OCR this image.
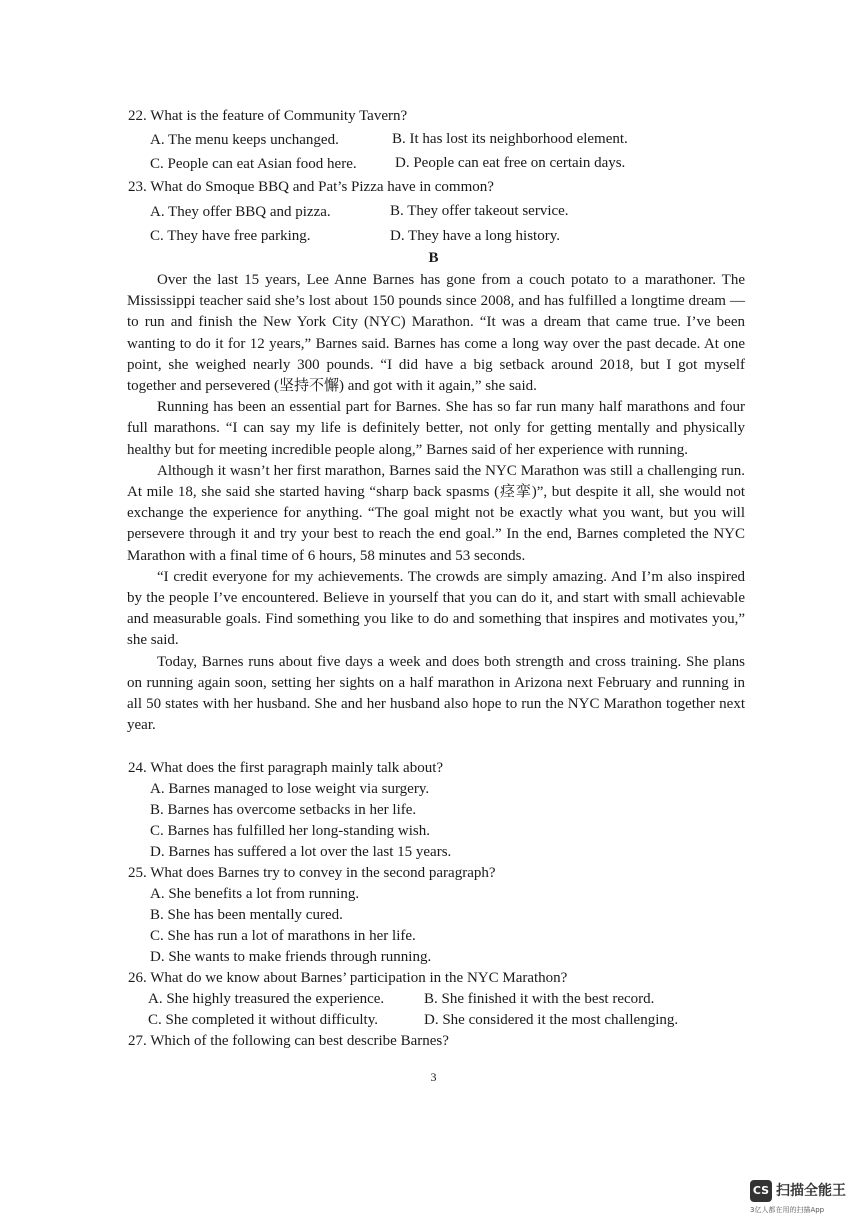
22. What is the feature of Community Tavern?
A. The menu keeps unchanged.	B. It has lost its neighborhood element.
C. People can eat Asian food here.	D. People can eat free on certain days.
23. What do Smoque BBQ and Pat’s Pizza have in common?
A. They offer BBQ and pizza.	B. They offer takeout service.
C. They have free parking.	D. They have a long history.
B

Over the last 15 years, Lee Anne Barnes has gone from a couch potato to a marathoner. The Mississippi teacher said she’s lost about 150 pounds since 2008, and has fulfilled a longtime dream — to run and finish the New York City (NYC) Marathon. “It was a dream that came true. I’ve been wanting to do it for 12 years,” Barnes said. Barnes has come a long way over the past decade. At one point, she weighed nearly 300 pounds. “I did have a big setback around 2018, but I got myself together and persevered (坚持不懈) and got with it again,” she said.

Running has been an essential part for Barnes. She has so far run many half marathons and four full marathons. “I can say my life is definitely better, not only for getting mentally and physically healthy but for meeting incredible people along,” Barnes said of her experience with running.

Although it wasn’t her first marathon, Barnes said the NYC Marathon was still a challenging run. At mile 18, she said she started having “sharp back spasms (痉挛)”, but despite it all, she would not exchange the experience for anything. “The goal might not be exactly what you want, but you will persevere through it and try your best to reach the end goal.” In the end, Barnes completed the NYC Marathon with a final time of 6 hours, 58 minutes and 53 seconds.

“I credit everyone for my achievements. The crowds are simply amazing. And I’m also inspired by the people I’ve encountered. Believe in yourself that you can do it, and start with small achievable and measurable goals. Find something you like to do and something that inspires and motivates you,” she said.

Today, Barnes runs about five days a week and does both strength and cross training. She plans on running again soon, setting her sights on a half marathon in Arizona next February and running in all 50 states with her husband. She and her husband also hope to run the NYC Marathon together next year.

24. What does the first paragraph mainly talk about?
A. Barnes managed to lose weight via surgery.
B. Barnes has overcome setbacks in her life.
C. Barnes has fulfilled her long-standing wish.
D. Barnes has suffered a lot over the last 15 years.
25. What does Barnes try to convey in the second paragraph?
A. She benefits a lot from running.
B. She has been mentally cured.
C. She has run a lot of marathons in her life.
D. She wants to make friends through running.
26. What do we know about Barnes’ participation in the NYC Marathon?
A. She highly treasured the experience.	B. She finished it with the best record.
C. She completed it without difficulty.	D. She considered it the most challenging.
27. Which of the following can best describe Barnes?
3
CS 扫描全能王
3亿人都在用的扫描App
